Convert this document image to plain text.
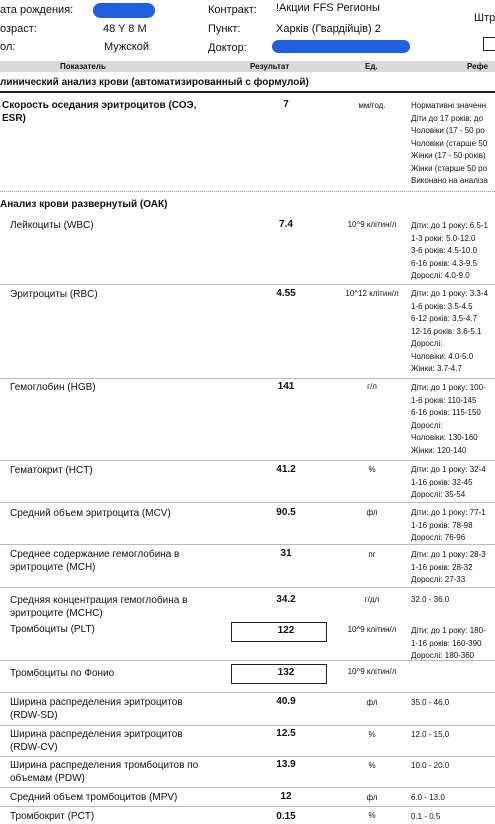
ата рождения:
озраст:	48 Y 8 M
ол:	Мужской
Контракт: !Акции FFS Регионы
Пункт:	Харків (Гвардійців) 2
Доктор:
Штр
Показатель	Результат	Ед.	Рефе
линический анализ крови (автоматизированный с формулой)
Скорость оседания эритроцитов (СОЭ, ESR)
7	мм/год.	Нормативні значенн
Діти до 17 років: до
Чоловіки (17 - 50 ро
Чоловіки (старше 50
Жінки (17 - 50 років)
Жінки (старше 50 ро
Виконано на аналіза
Анализ крови развернутый (ОАК)
Лейкоциты (WBC)	7.4	10^9 клітин/л	Діти: до 1 року: 6.5-1
1-3 роки: 5.0-12.0
3-6 років: 4.5-10.0
6-16 років: 4.3-9.5
Дорослі: 4.0-9.0
Эритроциты (RBC)	4.55	10^12 клітин/л	Діти: до 1 року: 3.3-4
1-6 років: 3.5-4.5
6-12 років: 3.5-4.7
12-16 років: 3.6-5.1
Дорослі:
Чоловіки: 4.0-5.0
Жінки: 3.7-4.7
Гемоглобин (HGB)	141	г/л	Діти: до 1 року: 100-
1-6 років: 110-145
6-16 років: 115-150
Дорослі:
Чоловіки: 130-160
Жінки: 120-140
Гематокрит (HCT)	41.2	%	Діти: до 1 року: 32-4
1-16 років: 32-45
Дорослі: 35-54
Средний объем эритроцита (MCV)	90.5	фл	Діти: до 1 року: 77-1
1-16 років: 78-98
Дорослі: 76-96
Среднее содержание гемоглобина в эритроците (MCH)
31	пг	Діти: до 1 року: 28-3
1-16 років: 28-32
Дорослі: 27-33
Средняя концентрация гемоглобина в эритроците (MCHC)
34.2	г/дл	32.0 - 36.0
Тромбоциты (PLT)	122	10^9 клітин/л	Діти: до 1 року: 180-
1-16 років: 160-390
Дорослі: 180-360
Тромбоциты по Фонио	132	10^9 клітин/л
Ширина распределения эритроцитов (RDW-SD)
40.9	фл	35.0 - 46.0
Ширина распределения эритроцитов (RDW-CV)
12.5	%	12.0 - 15.0
Ширина распределения тромбоцитов по объемам (PDW)
13.9	%	10.0 - 20.0
Средний объем тромбоцитов (MPV)	12	фл	6.0 - 13.0
Тромбокрит (PCT)	0.15	%	0.1 - 0.5
